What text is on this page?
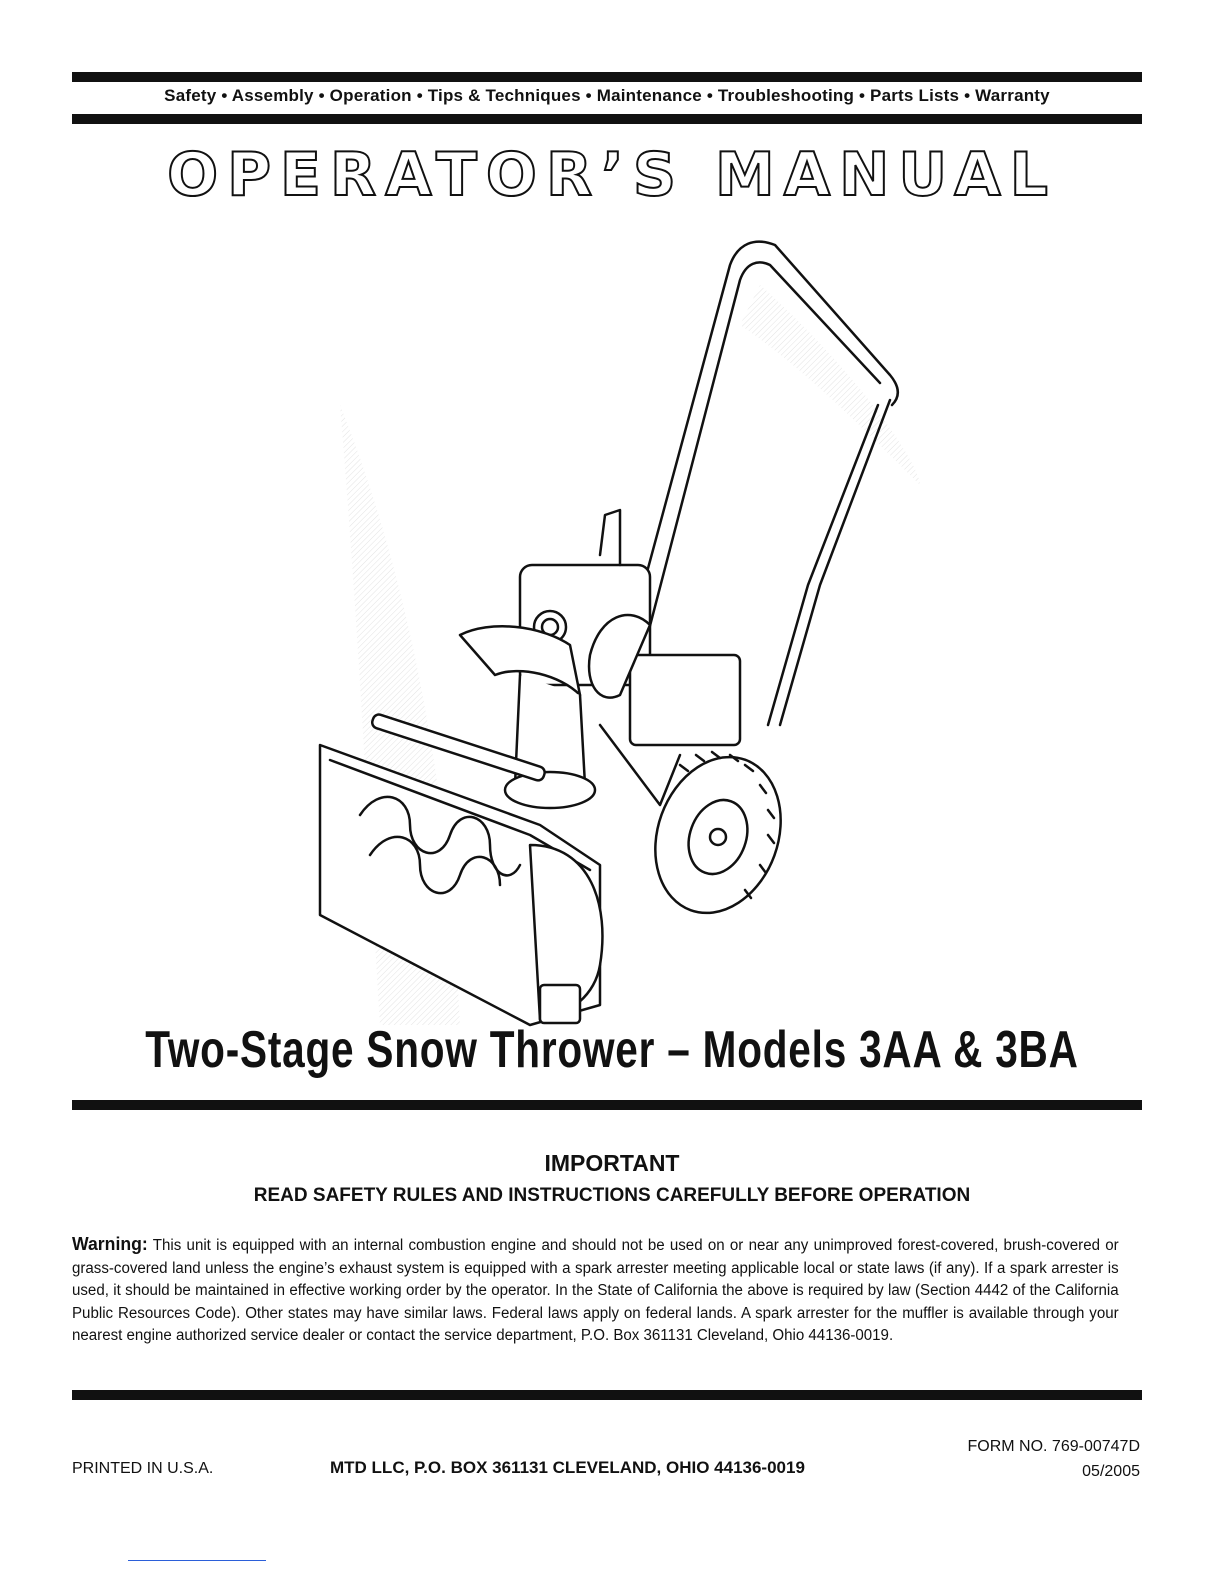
Safety • Assembly • Operation • Tips & Techniques • Maintenance • Troubleshooting • Parts Lists • Warranty
OPERATOR’S MANUAL
Two-Stage Snow Thrower – Models 3AA & 3BA
IMPORTANT
READ SAFETY RULES AND INSTRUCTIONS CAREFULLY BEFORE OPERATION
Warning: This unit is equipped with an internal combustion engine and should not be used on or near any unimproved forest-covered, brush-covered or grass-covered land unless the engine’s exhaust system is equipped with a spark arrester meeting applicable local or state laws (if any). If a spark arrester is used, it should be maintained in effective working order by the operator. In the State of California the above is required by law (Section 4442 of the California Public Resources Code). Other states may have similar laws. Federal laws apply on federal lands. A spark arrester for the muffler is available through your nearest engine authorized service dealer or contact the service department, P.O. Box 361131 Cleveland, Ohio 44136-0019.
PRINTED IN U.S.A.	MTD LLC, P.O. BOX 361131 CLEVELAND, OHIO 44136-0019
FORM NO. 769-00747D
05/2005
